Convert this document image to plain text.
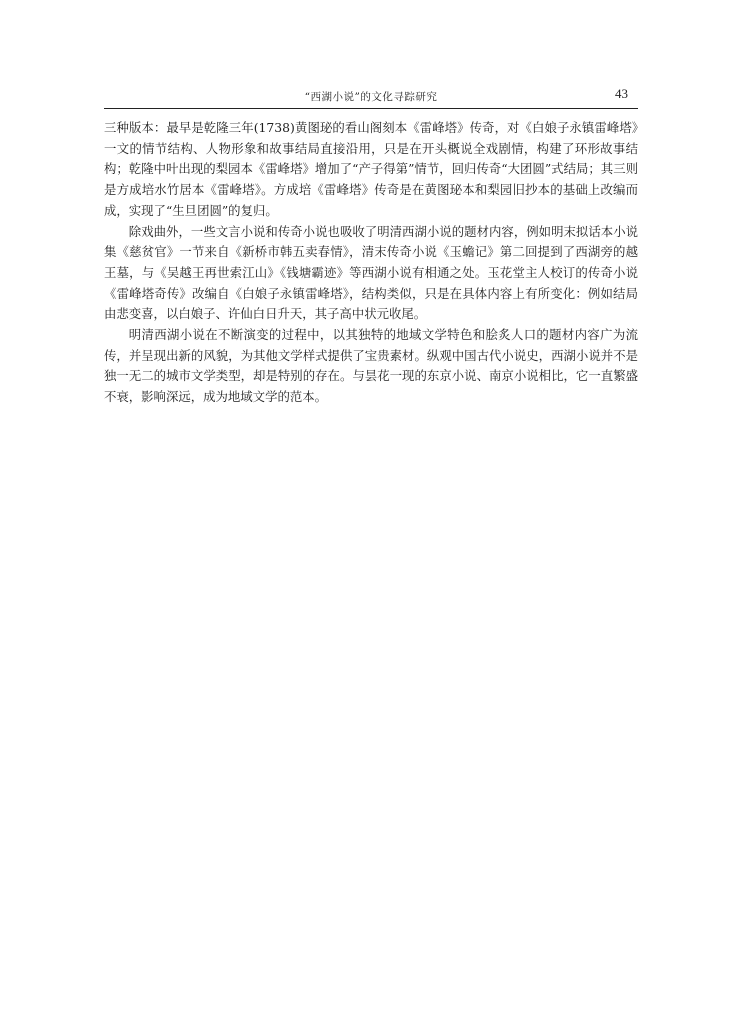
“西湖小说”的文化寻踪研究	43

三种版本：最早是乾隆三年(1738)黄图珌的看山阁刻本《雷峰塔》传奇，对《白娘子永镇雷峰塔》一文的情节结构、人物形象和故事结局直接沿用，只是在开头概说全戏剧情，构建了环形故事结构；乾隆中叶出现的梨园本《雷峰塔》增加了“产子得第”情节，回归传奇“大团圆”式结局；其三则是方成培水竹居本《雷峰塔》。方成培《雷峰塔》传奇是在黄图珌本和梨园旧抄本的基础上改编而成，实现了“生旦团圆”的复归。

除戏曲外，一些文言小说和传奇小说也吸收了明清西湖小说的题材内容，例如明末拟话本小说集《慈贫官》一节来自《新桥市韩五卖春情》，清末传奇小说《玉蟾记》第二回提到了西湖旁的越王墓，与《吴越王再世索江山》《钱塘霸迹》等西湖小说有相通之处。玉花堂主人校订的传奇小说《雷峰塔奇传》改编自《白娘子永镇雷峰塔》，结构类似，只是在具体内容上有所变化：例如结局由悲变喜，以白娘子、许仙白日升天，其子高中状元收尾。

明清西湖小说在不断演变的过程中，以其独特的地域文学特色和脍炙人口的题材内容广为流传，并呈现出新的风貌，为其他文学样式提供了宝贵素材。纵观中国古代小说史，西湖小说并不是独一无二的城市文学类型，却是特别的存在。与昙花一现的东京小说、南京小说相比，它一直繁盛不衰，影响深远，成为地域文学的范本。
